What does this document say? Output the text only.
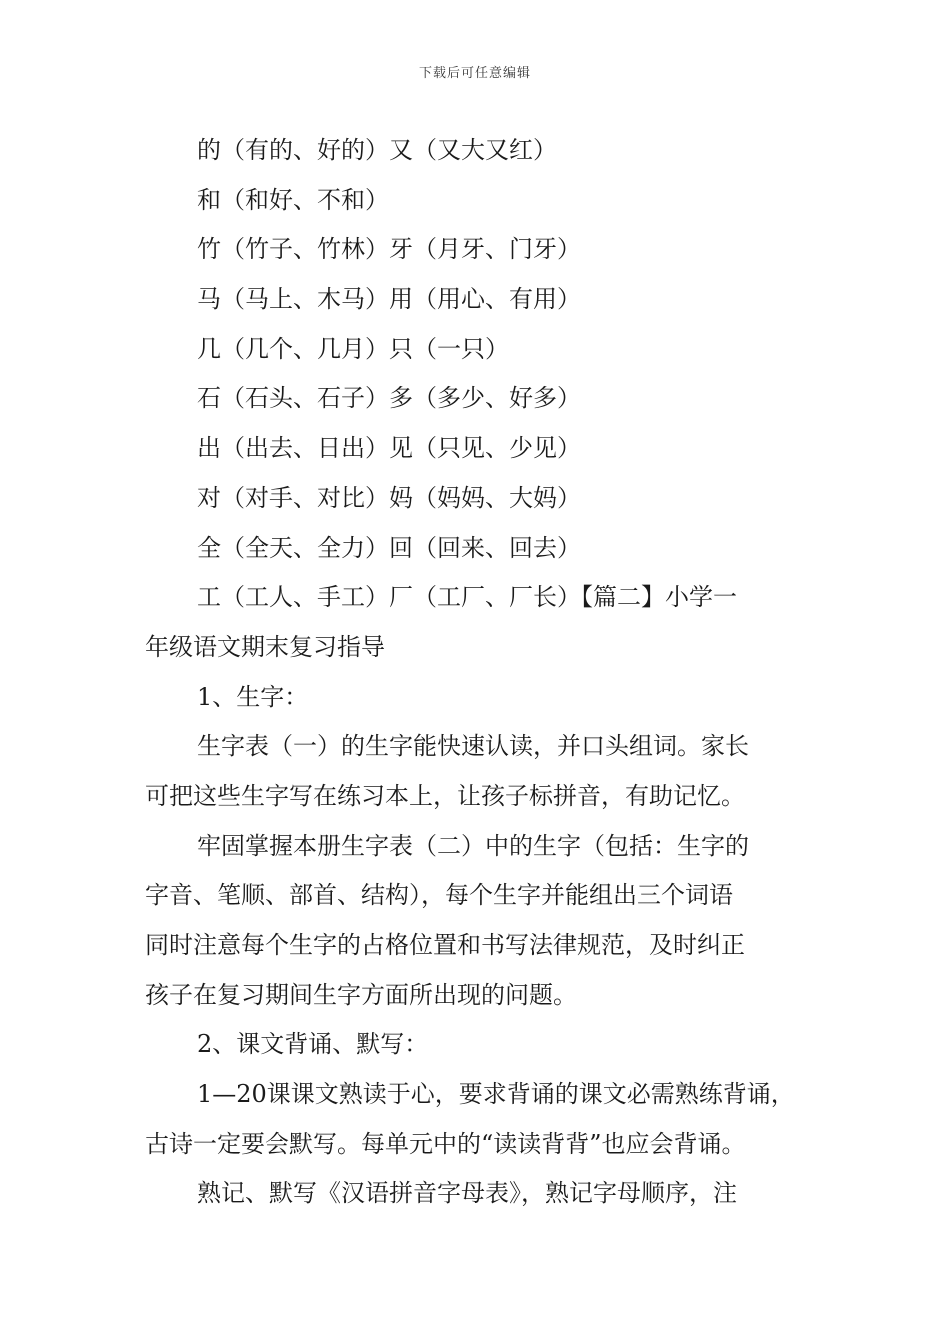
下载后可任意编辑
的（有的、好的）又（又大又红）
和（和好、不和）
竹（竹子、竹林）牙（月牙、门牙）
马（马上、木马）用（用心、有用）
几（几个、几月）只（一只）
石（石头、石子）多（多少、好多）
出（出去、日出）见（只见、少见）
对（对手、对比）妈（妈妈、大妈）
全（全天、全力）回（回来、回去）
工（工人、手工）厂（工厂、厂长）【篇二】小学一
年级语文期末复习指导
1、生字：
生字表（一）的生字能快速认读，并口头组词。家长
可把这些生字写在练习本上，让孩子标拼音，有助记忆。
牢固掌握本册生字表（二）中的生字（包括：生字的
字音、笔顺、部首、结构），每个生字并能组出三个词语
同时注意每个生字的占格位置和书写法律规范，及时纠正
孩子在复习期间生字方面所出现的问题。
2、课文背诵、默写：
1—20课课文熟读于心，要求背诵的课文必需熟练背诵，
古诗一定要会默写。每单元中的“读读背背”也应会背诵。
熟记、默写《汉语拼音字母表》，熟记字母顺序，注
